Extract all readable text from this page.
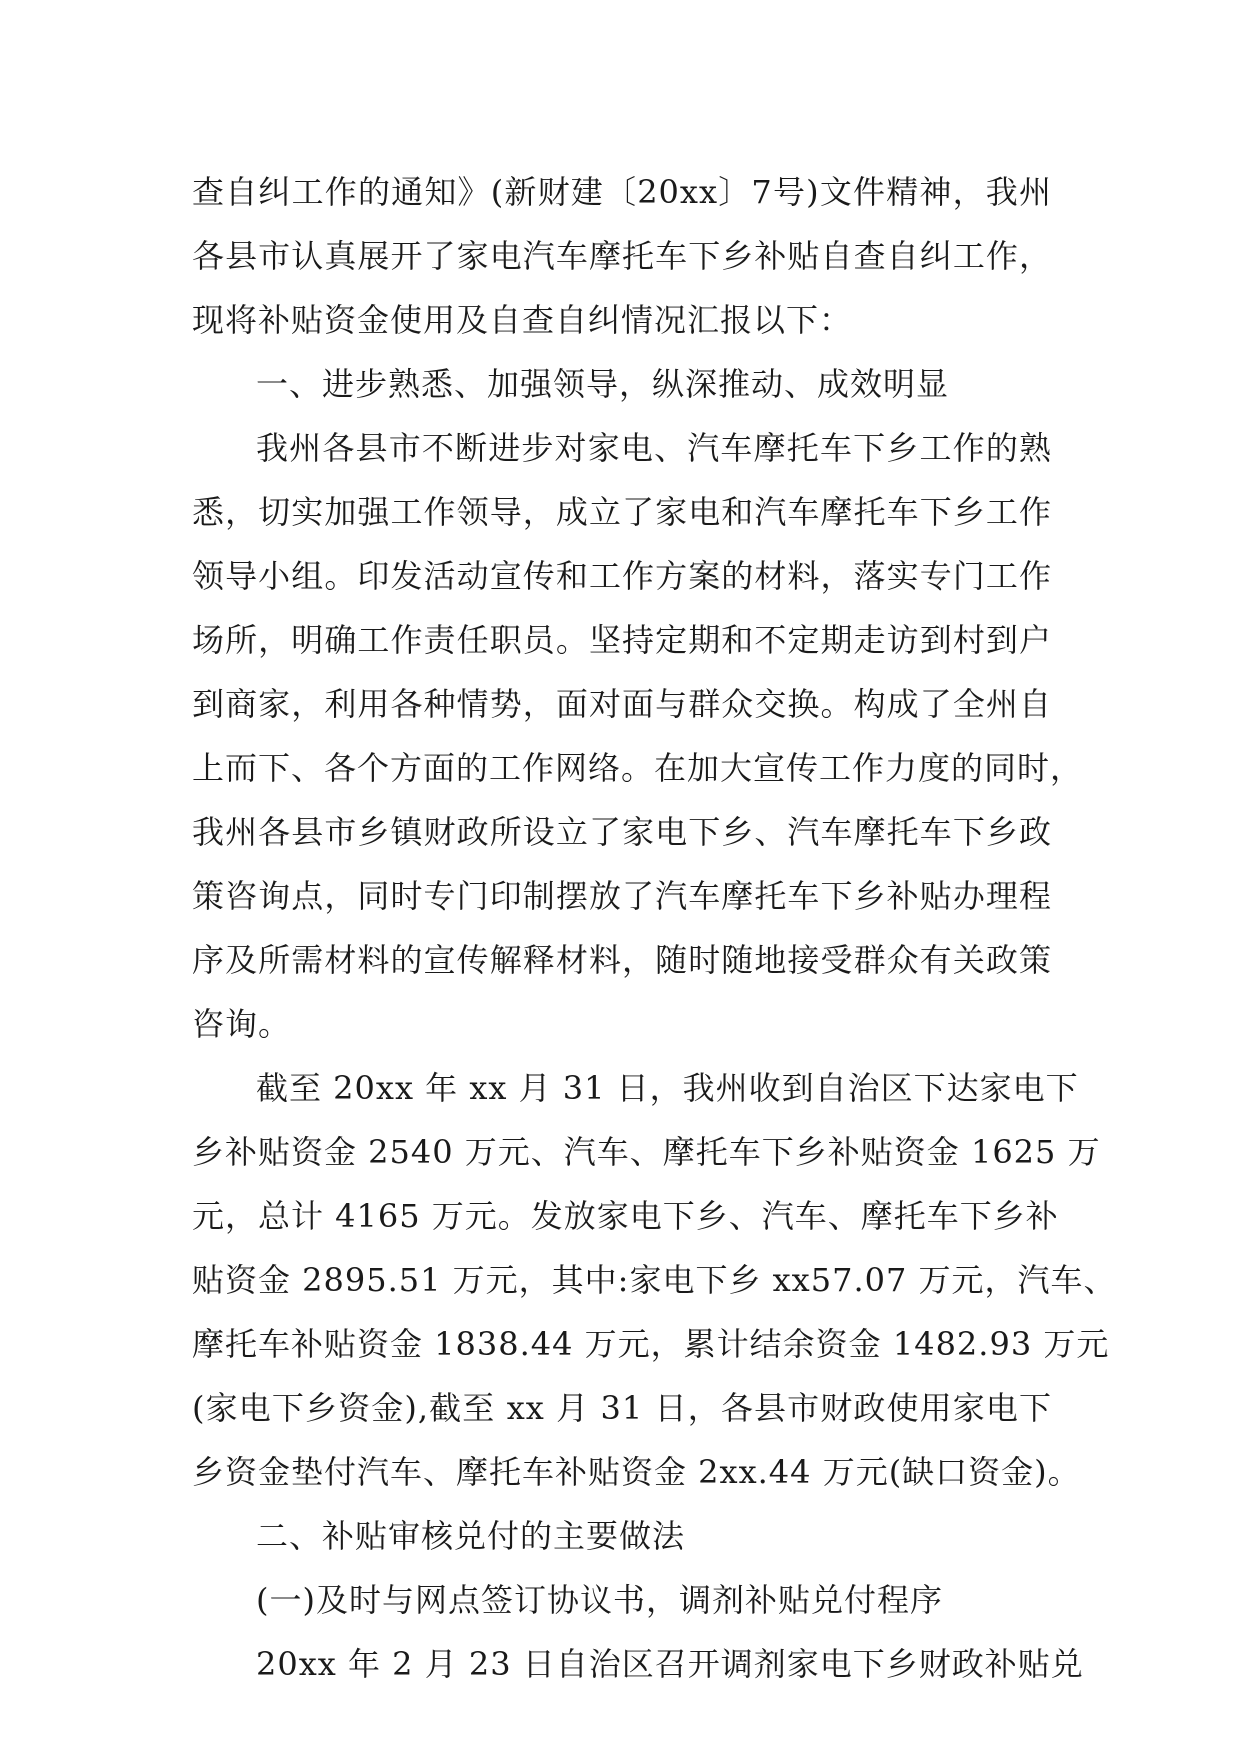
查自纠工作的通知》(新财建〔20xx〕7号)文件精神，我州
各县市认真展开了家电汽车摩托车下乡补贴自查自纠工作，
现将补贴资金使用及自查自纠情况汇报以下：
一、进步熟悉、加强领导，纵深推动、成效明显
我州各县市不断进步对家电、汽车摩托车下乡工作的熟
悉，切实加强工作领导，成立了家电和汽车摩托车下乡工作
领导小组。印发活动宣传和工作方案的材料，落实专门工作
场所，明确工作责任职员。坚持定期和不定期走访到村到户
到商家，利用各种情势，面对面与群众交换。构成了全州自
上而下、各个方面的工作网络。在加大宣传工作力度的同时，
我州各县市乡镇财政所设立了家电下乡、汽车摩托车下乡政
策咨询点，同时专门印制摆放了汽车摩托车下乡补贴办理程
序及所需材料的宣传解释材料，随时随地接受群众有关政策
咨询。
截至 20xx 年 xx 月 31 日，我州收到自治区下达家电下
乡补贴资金 2540 万元、汽车、摩托车下乡补贴资金 1625 万
元，总计 4165 万元。发放家电下乡、汽车、摩托车下乡补
贴资金 2895.51 万元，其中:家电下乡 xx57.07 万元，汽车、
摩托车补贴资金 1838.44 万元，累计结余资金 1482.93 万元
(家电下乡资金),截至 xx 月 31 日，各县市财政使用家电下
乡资金垫付汽车、摩托车补贴资金 2xx.44 万元(缺口资金)。
二、补贴审核兑付的主要做法
(一)及时与网点签订协议书，调剂补贴兑付程序
20xx 年 2 月 23 日自治区召开调剂家电下乡财政补贴兑
